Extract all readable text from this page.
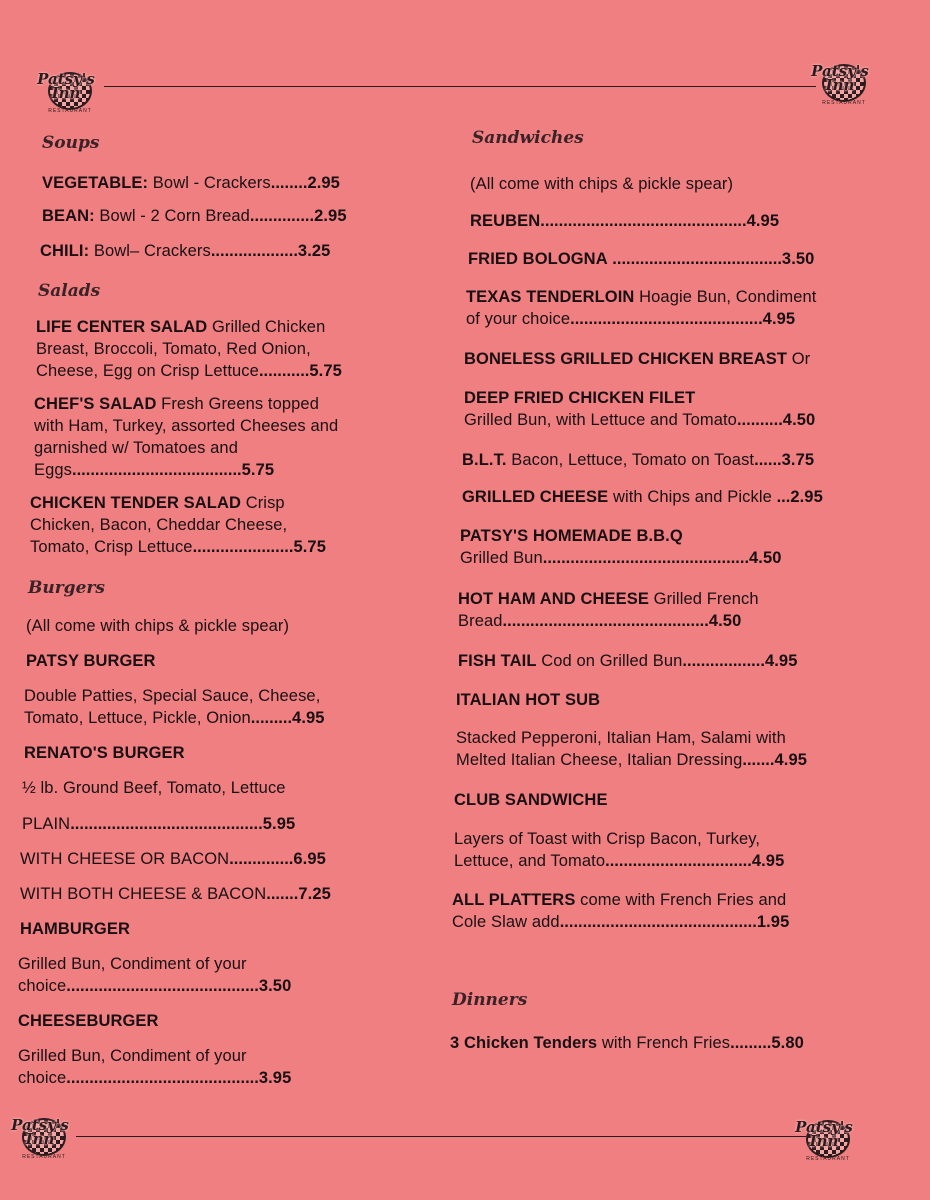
Patsy's Inn
RESTAURANT
Patsy's Inn
RESTAURANT
Soups
VEGETABLE: Bowl - Crackers........2.95
BEAN: Bowl - 2 Corn Bread..............2.95
CHILI: Bowl– Crackers...................3.25
Salads
LIFE CENTER SALAD Grilled Chicken
Breast, Broccoli, Tomato, Red Onion,
Cheese, Egg on Crisp Lettuce...........5.75
CHEF'S SALAD Fresh Greens topped
with Ham, Turkey, assorted Cheeses and
garnished w/ Tomatoes and
Eggs.....................................5.75
CHICKEN TENDER SALAD Crisp
Chicken, Bacon, Cheddar Cheese,
Tomato, Crisp Lettuce......................5.75
Burgers
(All come with chips & pickle spear)
PATSY BURGER
Double Patties, Special Sauce, Cheese,
Tomato, Lettuce, Pickle, Onion.........4.95
RENATO'S BURGER
½ lb. Ground Beef, Tomato, Lettuce
PLAIN..........................................5.95
WITH CHEESE OR BACON..............6.95
WITH BOTH CHEESE & BACON.......7.25
HAMBURGER
Grilled Bun, Condiment of your
choice..........................................3.50
CHEESEBURGER
Grilled Bun, Condiment of your
choice..........................................3.95
Sandwiches
(All come with chips & pickle spear)
REUBEN.............................................4.95
FRIED BOLOGNA .....................................3.50
TEXAS TENDERLOIN Hoagie Bun, Condiment
of your choice..........................................4.95
BONELESS GRILLED CHICKEN BREAST Or
DEEP FRIED CHICKEN FILET
Grilled Bun, with Lettuce and Tomato..........4.50
B.L.T. Bacon, Lettuce, Tomato on Toast......3.75
GRILLED CHEESE with Chips and Pickle ...2.95
PATSY'S HOMEMADE B.B.Q
Grilled Bun.............................................4.50
HOT HAM AND CHEESE Grilled French
Bread.............................................4.50
FISH TAIL Cod on Grilled Bun..................4.95
ITALIAN HOT SUB
Stacked Pepperoni, Italian Ham, Salami with
Melted Italian Cheese, Italian Dressing.......4.95
CLUB SANDWICHE
Layers of Toast with Crisp Bacon, Turkey,
Lettuce, and Tomato................................4.95
ALL PLATTERS come with French Fries and
Cole Slaw add...........................................1.95
Dinners
3 Chicken Tenders with French Fries.........5.80
Patsy's Inn
RESTAURANT
Patsy's Inn
RESTAURANT
